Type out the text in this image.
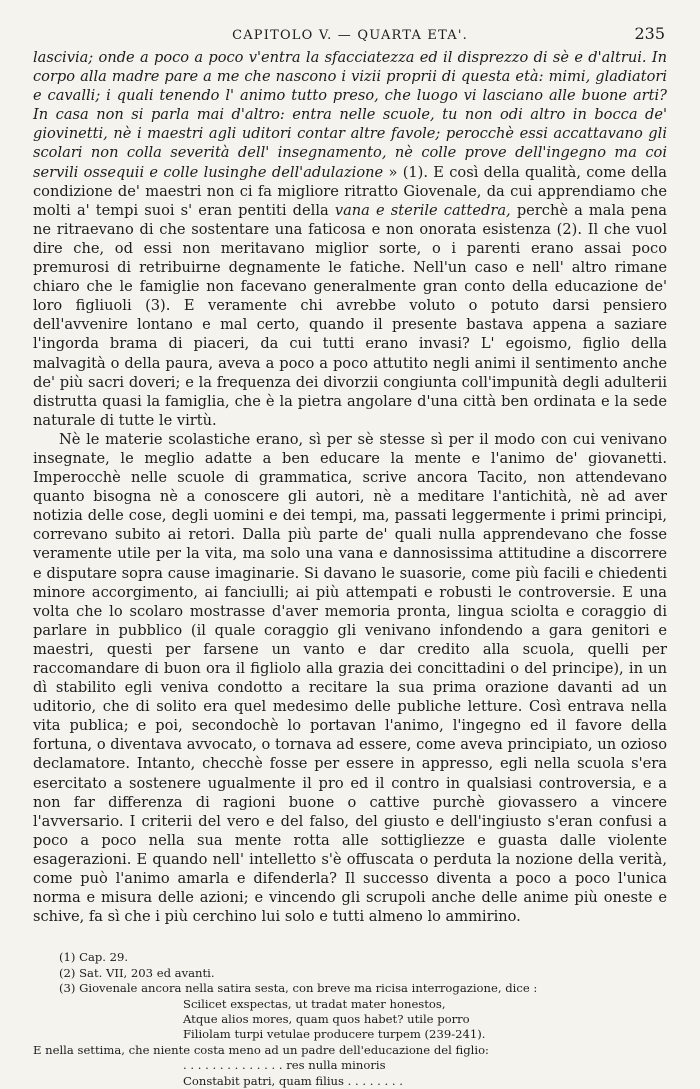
CAPITOLO V. — QUARTA ETA'.	235

lascivia; onde a poco a poco v'entra la sfacciatezza ed il disprezzo di sè e d'altrui. In corpo alla madre pare a me che nascono i vizii proprii di questa età: mimi, gladiatori e cavalli; i quali tenendo l' animo tutto preso, che luogo vi lasciano alle buone arti? In casa non si parla mai d'altro: entra nelle scuole, tu non odi altro in bocca de' giovinetti, nè i maestri agli uditori contar altre favole; perocchè essi accattavano gli scolari non colla severità dell' insegnamento, nè colle prove dell'ingegno ma coi servili ossequii e colle lusinghe dell'adulazione » (1). E così della qualità, come della condizione de' maestri non ci fa migliore ritratto Giovenale, da cui apprendiamo che molti a' tempi suoi s' eran pentiti della vana e sterile cattedra, perchè a mala pena ne ritraevano di che sostentare una faticosa e non onorata esistenza (2). Il che vuol dire che, od essi non meritavano miglior sorte, o i parenti erano assai poco premurosi di retribuirne degnamente le fatiche. Nell'un caso e nell' altro rimane chiaro che le famiglie non facevano generalmente gran conto della educazione de' loro figliuoli (3). E veramente chi avrebbe voluto o potuto darsi pensiero dell'avvenire lontano e mal certo, quando il presente bastava appena a saziare l'ingorda brama di piaceri, da cui tutti erano invasi? L' egoismo, figlio della malvagità o della paura, aveva a poco a poco attutito negli animi il sentimento anche de' più sacri doveri; e la frequenza dei divorzii congiunta coll'impunità degli adulterii distrutta quasi la famiglia, che è la pietra angolare d'una città ben ordinata e la sede naturale di tutte le virtù.

Nè le materie scolastiche erano, sì per sè stesse sì per il modo con cui venivano insegnate, le meglio adatte a ben educare la mente e l'animo de' giovanetti. Imperocchè nelle scuole di grammatica, scrive ancora Tacito, non attendevano quanto bisogna nè a conoscere gli autori, nè a meditare l'antichità, nè ad aver notizia delle cose, degli uomini e dei tempi, ma, passati leggermente i primi principi, correvano subito ai retori. Dalla più parte de' quali nulla apprendevano che fosse veramente utile per la vita, ma solo una vana e dannosissima attitudine a discorrere e disputare sopra cause imaginarie. Si davano le suasorie, come più facili e chiedenti minore accorgimento, ai fanciulli; ai più attempati e robusti le controversie. E una volta che lo scolaro mostrasse d'aver memoria pronta, lingua sciolta e coraggio di parlare in pubblico (il quale coraggio gli venivano infondendo a gara genitori e maestri, questi per farsene un vanto e dar credito alla scuola, quelli per raccomandare di buon ora il figliolo alla grazia dei concittadini o del principe), in un dì stabilito egli veniva condotto a recitare la sua prima orazione davanti ad un uditorio, che di solito era quel medesimo delle publiche letture. Così entrava nella vita publica; e poi, secondochè lo portavan l'animo, l'ingegno ed il favore della fortuna, o diventava avvocato, o tornava ad essere, come aveva principiato, un ozioso declamatore. Intanto, checchè fosse per essere in appresso, egli nella scuola s'era esercitato a sostenere ugualmente il pro ed il contro in qualsiasi controversia, e a non far differenza di ragioni buone o cattive purchè giovassero a vincere l'avversario. I criterii del vero e del falso, del giusto e dell'ingiusto s'eran confusi a poco a poco nella sua mente rotta alle sottigliezze e guasta dalle violente esagerazioni. E quando nell' intelletto s'è offuscata o perduta la nozione della verità, come può l'animo amarla e difenderla? Il successo diventa a poco a poco l'unica norma e misura delle azioni; e vincendo gli scrupoli anche delle anime più oneste e schive, fa sì che i più cerchino lui solo e tutti almeno lo ammirino.

(1) Cap. 29.
(2) Sat. VII, 203 ed avanti.
(3) Giovenale ancora nella satira sesta, con breve ma ricisa interrogazione, dice :
Scilicet exspectas, ut tradat mater honestos,
Atque alios mores, quam quos habet? utile porro
Filiolam turpi vetulae producere turpem (239-241).
E nella settima, che niente costa meno ad un padre dell'educazione del figlio:
. . . . . . . . . . . . . . res nulla minoris
Constabit patri, quam filius . . . . . . . .
